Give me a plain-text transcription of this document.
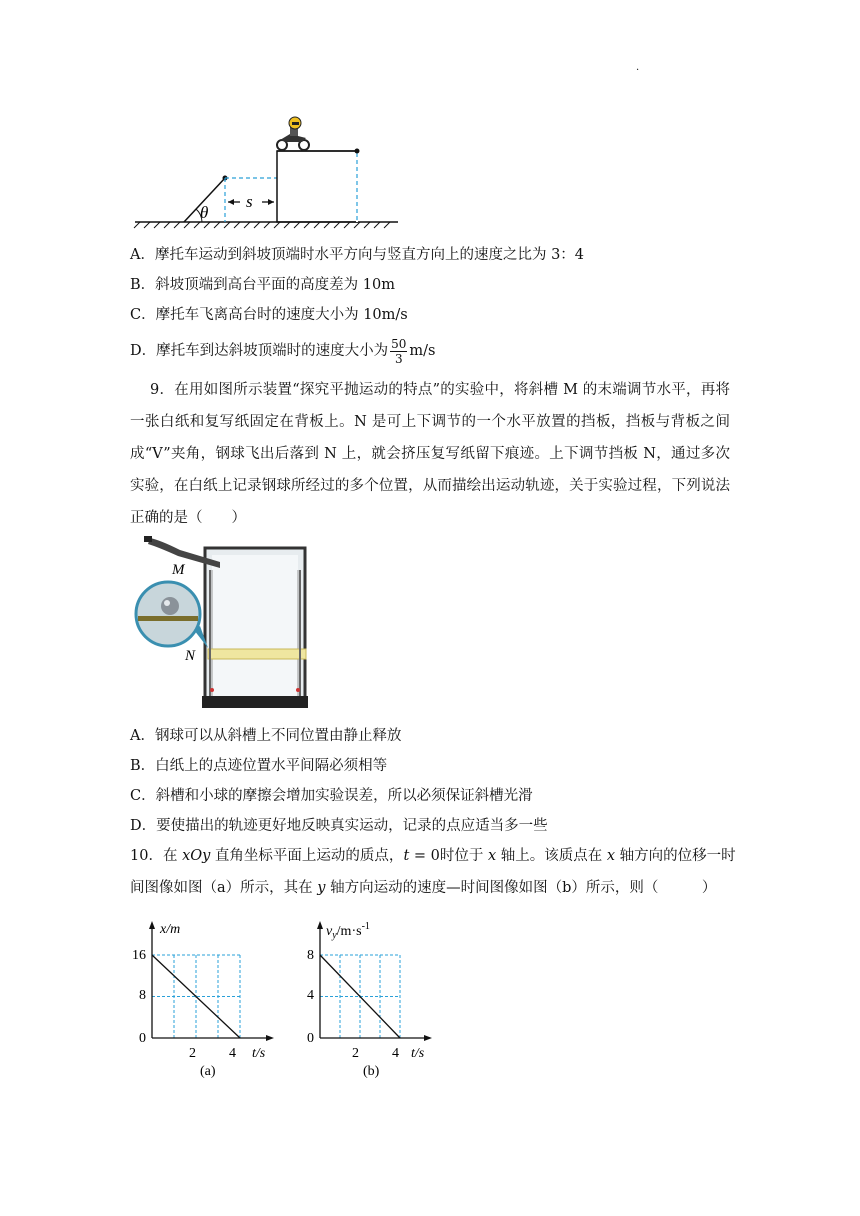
.
θ
s
A．摩托车运动到斜坡顶端时水平方向与竖直方向上的速度之比为 3：4
B．斜坡顶端到高台平面的高度差为 10m
C．摩托车飞离高台时的速度大小为 10m/s
D．摩托车到达斜坡顶端时的速度大小为 $\frac{50}{3} m/s$
9．在用如图所示装置“探究平抛运动的特点”的实验中，将斜槽 M 的末端调节水平，再将一张白纸和复写纸固定在背板上。N 是可上下调节的一个水平放置的挡板，挡板与背板之间成“V”夹角，钢球飞出后落到 N 上，就会挤压复写纸留下痕迹。上下调节挡板 N，通过多次实验，在白纸上记录钢球所经过的多个位置，从而描绘出运动轨迹，关于实验过程，下列说法正确的是（　　）
M
N
A．钢球可以从斜槽上不同位置由静止释放
B．白纸上的点迹位置水平间隔必须相等
C．斜槽和小球的摩擦会增加实验误差，所以必须保证斜槽光滑
D．要使描出的轨迹更好地反映真实运动，记录的点应适当多一些
10．在 xOy 直角坐标平面上运动的质点，t = 0时位于 x 轴上。该质点在 x 轴方向的位移一时
间图像如图（a）所示，其在 y 轴方向运动的速度—时间图像如图（b）所示，则（　　　）
x/m
16
8
0
2 4 t/s
(a)
$v_y/m\cdot s^{-1}$
8
4
0
2 4 t/s
(b)
